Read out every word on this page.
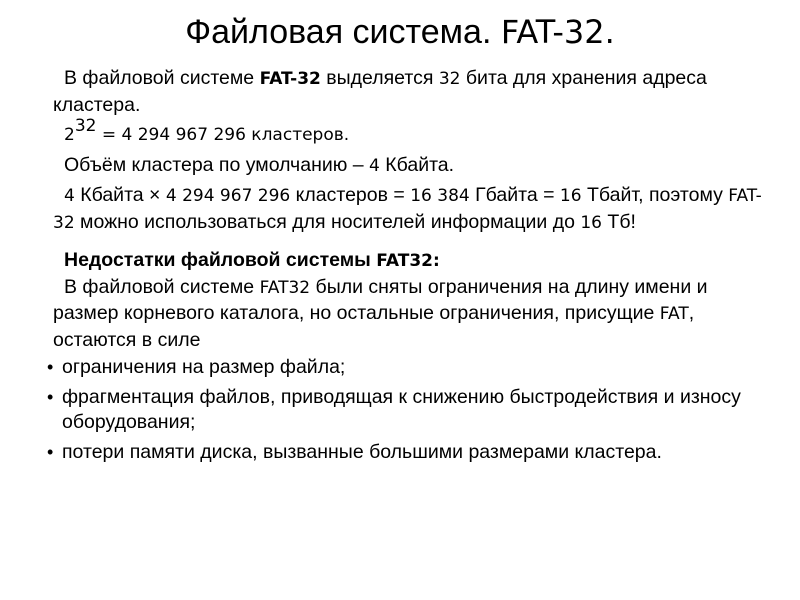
Файловая система. FAT-32.

В файловой системе FAT-32 выделяется 32 бита для хранения адреса кластера.

$2^{32} = 4$ 294 967 296 кластеров.

Объём кластера по умолчанию – 4 Кбайта.

4 Кбайта × 4 294 967 296 кластеров = 16 384 Гбайта = 16 Тбайт, поэтому FAT-32 можно использоваться для носителей информации до 16 Тб!

Недостатки файловой системы FAT32:

В файловой системе FAT32 были сняты ограничения на длину имени и размер корневого каталога, но остальные ограничения, присущие FAT, остаются в силе

• ограничения на размер файла;
• фрагментация файлов, приводящая к снижению быстродействия и износу оборудования;
• потери памяти диска, вызванные большими размерами кластера.
